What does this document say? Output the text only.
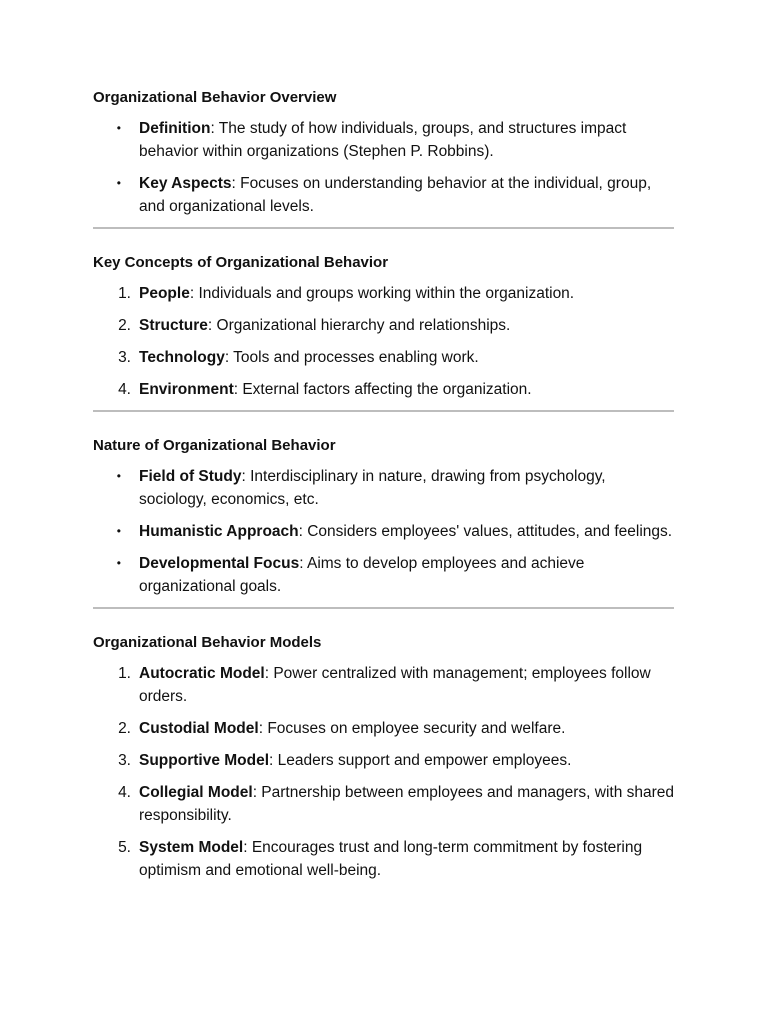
Organizational Behavior Overview
• Definition: The study of how individuals, groups, and structures impact behavior within organizations (Stephen P. Robbins).
• Key Aspects: Focuses on understanding behavior at the individual, group, and organizational levels.
Key Concepts of Organizational Behavior
1. People: Individuals and groups working within the organization.
2. Structure: Organizational hierarchy and relationships.
3. Technology: Tools and processes enabling work.
4. Environment: External factors affecting the organization.
Nature of Organizational Behavior
• Field of Study: Interdisciplinary in nature, drawing from psychology, sociology, economics, etc.
• Humanistic Approach: Considers employees' values, attitudes, and feelings.
• Developmental Focus: Aims to develop employees and achieve organizational goals.
Organizational Behavior Models
1. Autocratic Model: Power centralized with management; employees follow orders.
2. Custodial Model: Focuses on employee security and welfare.
3. Supportive Model: Leaders support and empower employees.
4. Collegial Model: Partnership between employees and managers, with shared responsibility.
5. System Model: Encourages trust and long-term commitment by fostering optimism and emotional well-being.
